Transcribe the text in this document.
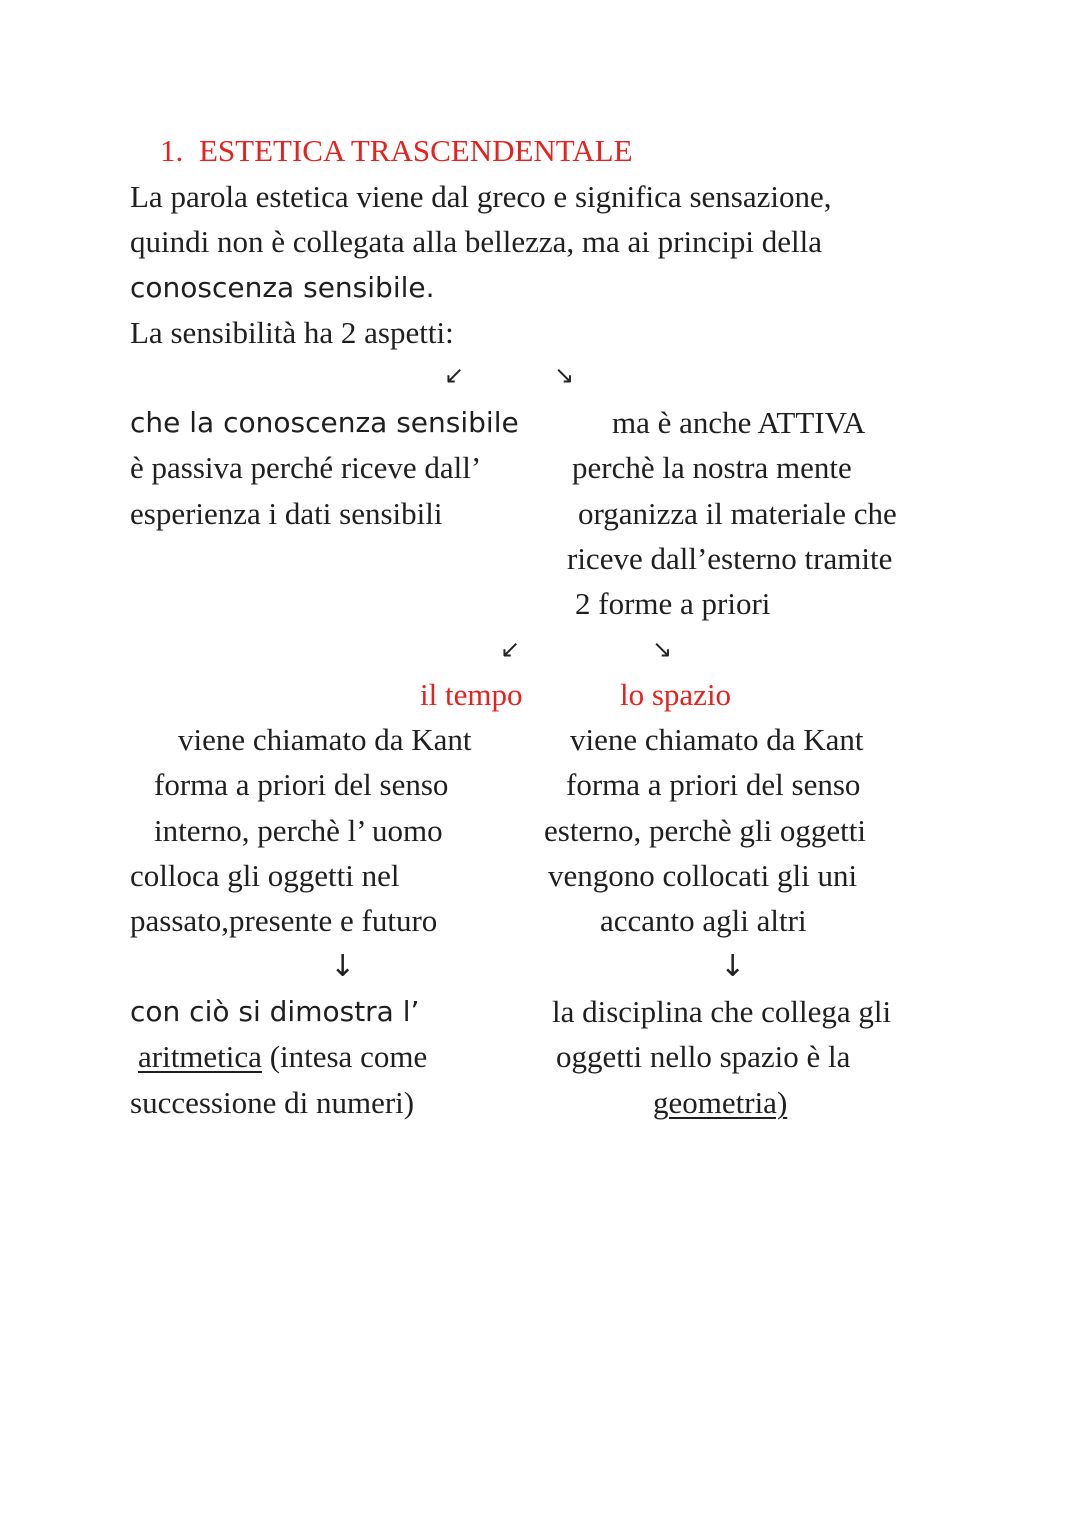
1. ESTETICA TRASCENDENTALE
La parola estetica viene dal greco e significa sensazione,
quindi non è collegata alla bellezza, ma ai principi della
conoscenza sensibile.
La sensibilità ha 2 aspetti:
↙	↘
che la conoscenza sensibile
è passiva perché riceve dall’
esperienza i dati sensibili
ma è anche ATTIVA
perchè la nostra mente
organizza il materiale che
riceve dall’esterno tramite
2 forme a priori
↙	↘
il tempo	lo spazio
viene chiamato da Kant
forma a priori del senso
interno, perchè l’ uomo
colloca gli oggetti nel
passato,presente e futuro
viene chiamato da Kant
forma a priori del senso
esterno, perchè gli oggetti
vengono collocati gli uni
accanto agli altri
↓	↓
con ciò si dimostra l’
aritmetica (intesa come
successione di numeri)
la disciplina che collega gli
oggetti nello spazio è la
geometria)
